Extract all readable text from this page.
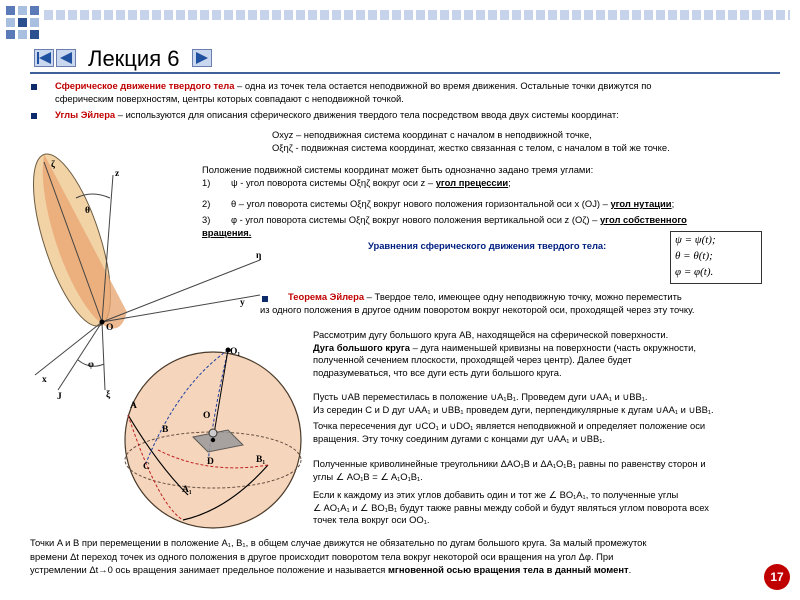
Лекция 6
Сферическое движение твердого тела – одна из точек тела остается неподвижной во время движения. Остальные точки движутся по
сферическим поверхностям, центры которых совпадают с неподвижной точкой.
Углы Эйлера – используются для описания сферического движения твердого тела посредством ввода двух системы координат:
Oxyz – неподвижная система координат с началом в неподвижной точке,
Oξηζ - подвижная система координат, жестко связанная с телом, с началом в той же точке.
Положение подвижной системы координат может быть однозначно задано тремя углами:
1) ψ - угол поворота системы Oξηζ вокруг оси z – угол прецессии;
2) θ – угол поворота системы Oξηζ вокруг нового положения горизонтальной оси x (OJ) – угол нутации;
3) φ - угол поворота системы Oξηζ вокруг нового положения вертикальной оси z (Oζ) – угол собственного
вращения.
Уравнения сферического движения твердого тела:	ψ = ψ(t);
θ = θ(t);
φ = φ(t).
Теорема Эйлера – Твердое тело, имеющее одну неподвижную точку, можно переместить
из одного положения в другое одним поворотом вокруг некоторой оси, проходящей через эту точку.
Рассмотрим дугу большого круга AB, находящейся на сферической поверхности.
Дуга большого круга – дуга наименьшей кривизны на поверхности (часть окружности,
полученной сечением плоскости, проходящей через центр). Далее будет
подразумеваться, что все дуги есть дуги большого круга.
Пусть ∪AB переместилась в положение ∪A₁B₁. Проведем дуги ∪AA₁ и ∪BB₁.
Из середин C и D дуг ∪AA₁ и ∪BB₁ проведем дуги, перпендикулярные к дугам ∪AA₁ и ∪BB₁.
Точка пересечения дуг ∪CO₁ и ∪DO₁ является неподвижной и определяет положение оси
вращения. Эту точку соединим дугами с концами дуг ∪AA₁ и ∪BB₁.
Полученные криволинейные треугольники ΔAO₁B и ΔA₁O₁B₁ равны по равенству сторон и
углы ∠ AO₁B = ∠ A₁O₁B₁.
Если к каждому из этих углов добавить один и тот же ∠ BO₁A₁, то полученные углы
∠ AO₁A₁ и ∠ BO₁B₁ будут также равны между собой и будут являться углом поворота всех
точек тела вокруг оси OO₁.
Точки A и B при перемещении в положение A₁, B₁, в общем случае движутся не обязательно по дугам большого круга. За малый промежуток
времени Δt переход точек из одного положения в другое происходит поворотом тела вокруг некоторой оси вращения на угол Δφ. При
устремлении Δt→0 ось вращения занимает предельное положение и называется мгновенной осью вращения тела в данный момент.
17
ζ
z
θ
η
y
O
x
J	ξ
φ
O₁
A
B
C	D
O
B₁
A₁
